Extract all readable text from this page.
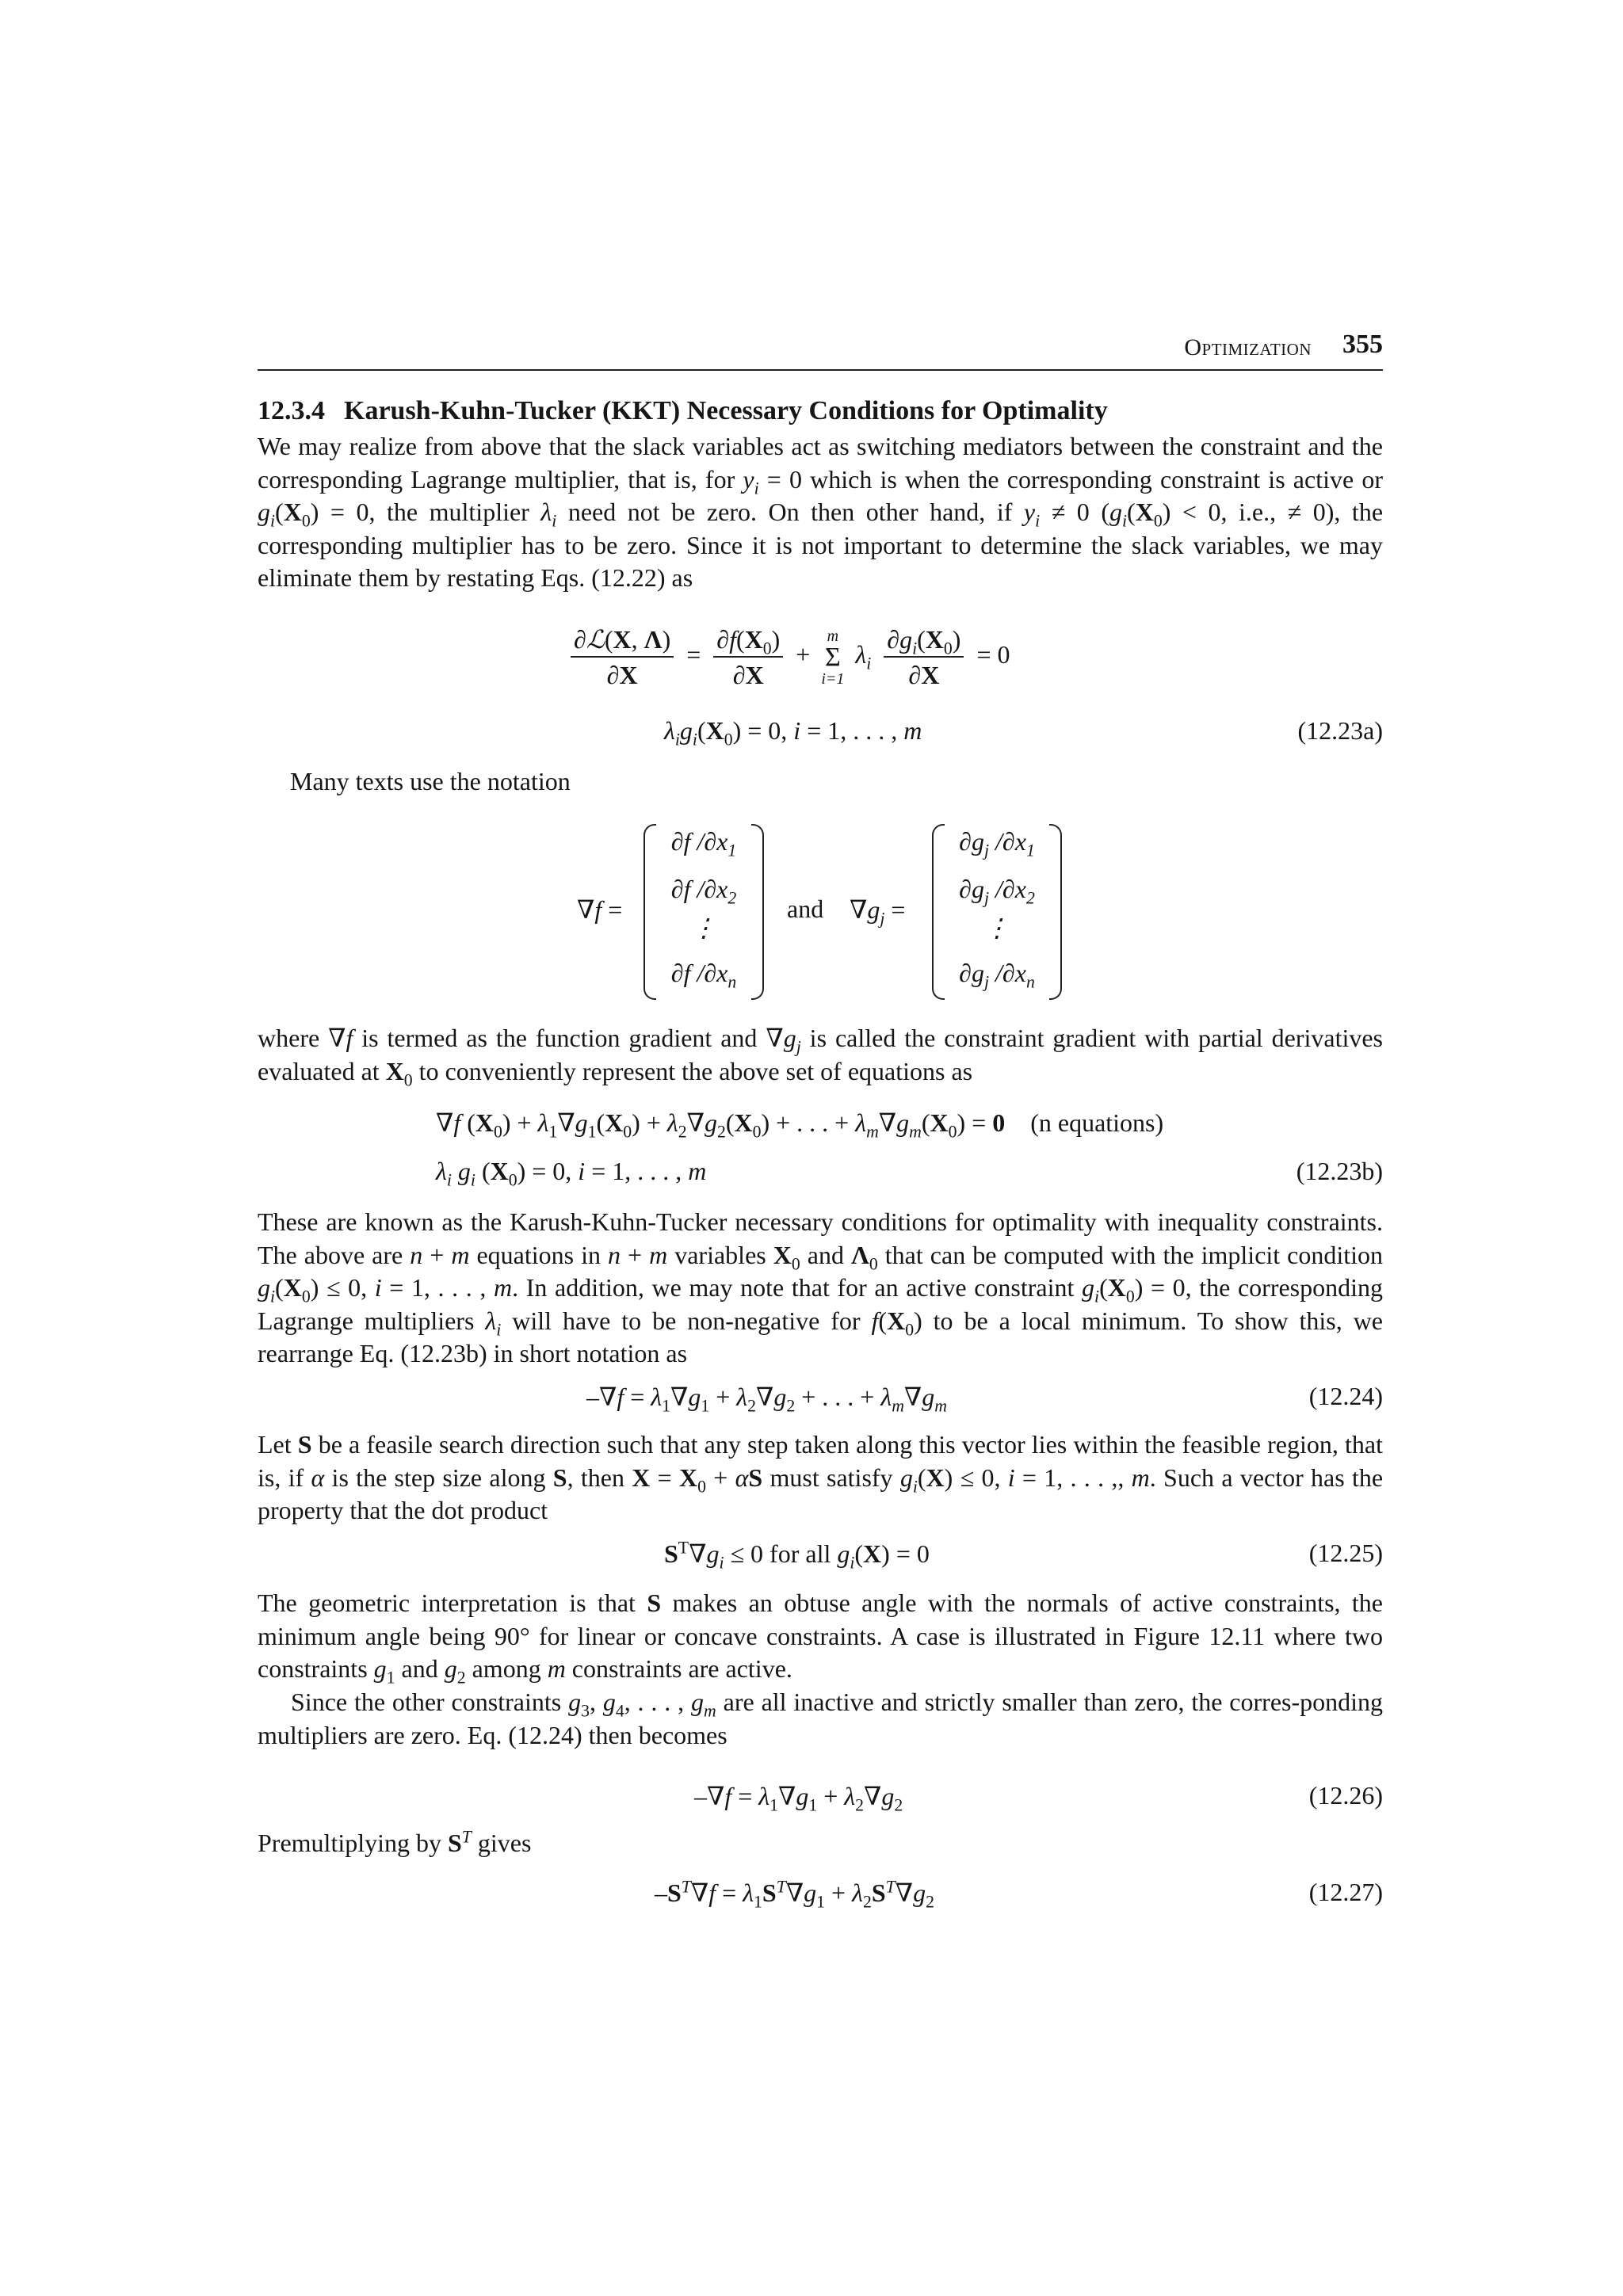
Optimization 355
12.3.4 Karush-Kuhn-Tucker (KKT) Necessary Conditions for Optimality
We may realize from above that the slack variables act as switching mediators between the constraint and the corresponding Lagrange multiplier, that is, for $y_i = 0$ which is when the corresponding constraint is active or $g_i(X_0) = 0$, the multiplier $\lambda_i$ need not be zero. On then other hand, if $y_i \ne 0$ ($g_i(X_0) < 0$, i.e., ≠ 0), the corresponding multiplier has to be zero. Since it is not important to determine the slack variables, we may eliminate them by restating Eqs. (12.22) as
$\frac{\text{∂ℒ(X, Λ)}}{\partial X} = \frac{\partial f(X_0)}{\partial X}$ +
m
Σ
i=1
$\lambda_i \frac{\partial g_i(X_0)}{\partial X} = 0$
$\lambda_ig_i(X_0) = 0$, i = 1, . . . , m	(12.23a)
Many texts use the notation
∇f =
∂f $/\partial x_1$
∂f $/\partial x_2$
⋮
∂f $/\partial x_n$
and $\nabla g_j$ =
$\partial g_j$ $/\partial x_1$
$\partial g_j$ $/\partial x_2$
⋮
$\partial g_j$ $/\partial x_n$
where ∇f is termed as the function gradient and $\nabla g_j$ is called the constraint gradient with partial derivatives evaluated at $X_0$ to conveniently represent the above set of equations as
∇f $(X_0) + \lambda_1\nabla g_1(X_0) + \lambda_2\nabla g_2(X_0)$ + . . . + $\lambda_m\nabla g_m(X_0) = 0$ (n equations)
$\lambda_i$ $g_i$ $(X_0) = 0$, i = 1, . . . , m	(12.23b)
These are known as the Karush-Kuhn-Tucker necessary conditions for optimality with inequality constraints. The above are n + m equations in n + m variables $X_0$ and $\Lambda_0$ that can be computed with the implicit condition $g_i(X_0) \le 0$, i = 1, . . . , m. In addition, we may note that for an active constraint $g_i(X_0) = 0$, the corresponding Lagrange multipliers $\lambda_i$ will have to be non-negative for $f(X_0)$ to be a local minimum. To show this, we rearrange Eq. (12.23b) in short notation as
$-\nabla f = \lambda_1\nabla g_1 + \lambda_2\nabla g_2$ + . . . + $\lambda_m\nabla g_m$	(12.24)
Let S be a feasile search direction such that any step taken along this vector lies within the feasible region, that is, if α is the step size along S, then $X = X_0 + \alpha S$ must satisfy $g_i(X) \le 0$, i = 1, . . . ,, m. Such a vector has the property that the dot product
$S^T\nabla g_i \le 0$ for all $g_i(X) = 0$	(12.25)
The geometric interpretation is that S makes an obtuse angle with the normals of active constraints, the minimum angle being 90° for linear or concave constraints. A case is illustrated in Figure 12.11 where two constraints $g_1$ and $g_2$ among m constraints are active.
Since the other constraints $g_3$, $g_4$, . . . , $g_m$ are all inactive and strictly smaller than zero, the corres-ponding multipliers are zero. Eq. (12.24) then becomes
$-\nabla f = \lambda_1\nabla g_1 + \lambda_2\nabla g_2$	(12.26)
Premultiplying by $S^T$ gives
$-S^T\nabla f = \lambda_1S^T\nabla g_1 + \lambda_2S^T\nabla g_2$	(12.27)
